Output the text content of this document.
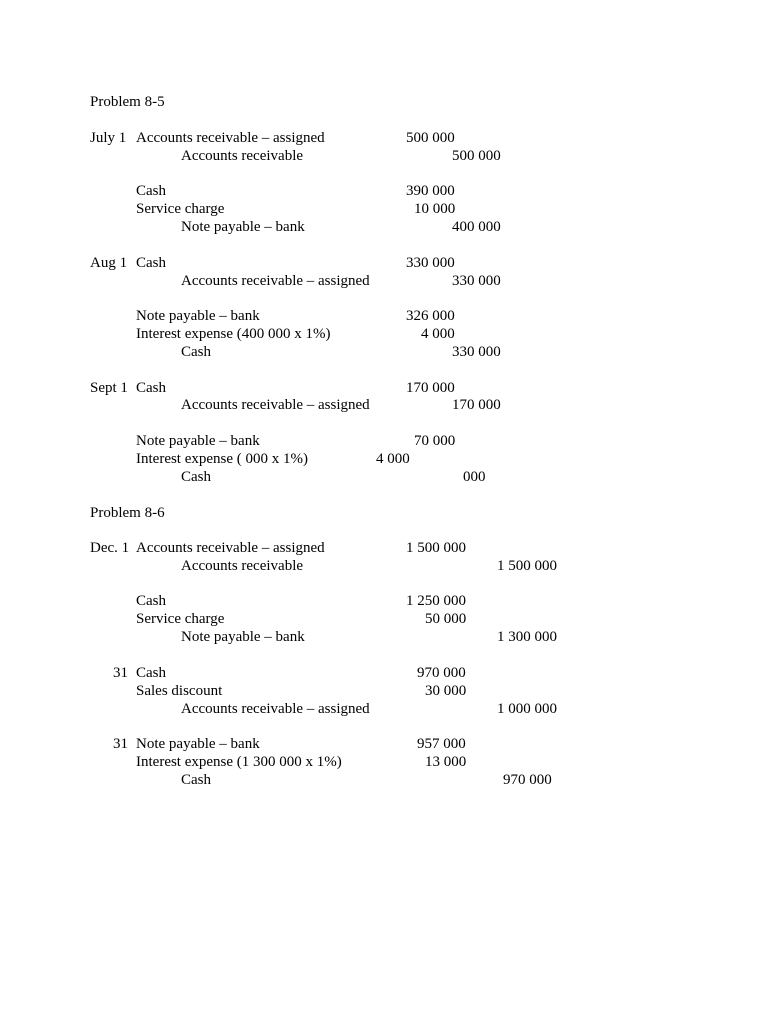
Problem 8-5
July 1 Accounts receivable – assigned	500 000
Accounts receivable	500 000
Cash	390 000
Service charge	10 000
Note payable – bank	400 000
Aug 1 Cash	330 000
Accounts receivable – assigned	330 000
Note payable – bank	326 000
Interest expense (400 000 x 1%)	4 000
Cash	330 000
Sept 1 Cash	170 000
Accounts receivable – assigned	170 000
Note payable – bank	70 000
Interest expense ( 000 x 1%)	4 000
Cash	000
Problem 8-6
Dec. 1 Accounts receivable – assigned	1 500 000
Accounts receivable	1 500 000
Cash	1 250 000
Service charge	50 000
Note payable – bank	1 300 000
31 Cash	970 000
Sales discount	30 000
Accounts receivable – assigned	1 000 000
31 Note payable – bank	957 000
Interest expense (1 300 000 x 1%)	13 000
Cash	970 000
